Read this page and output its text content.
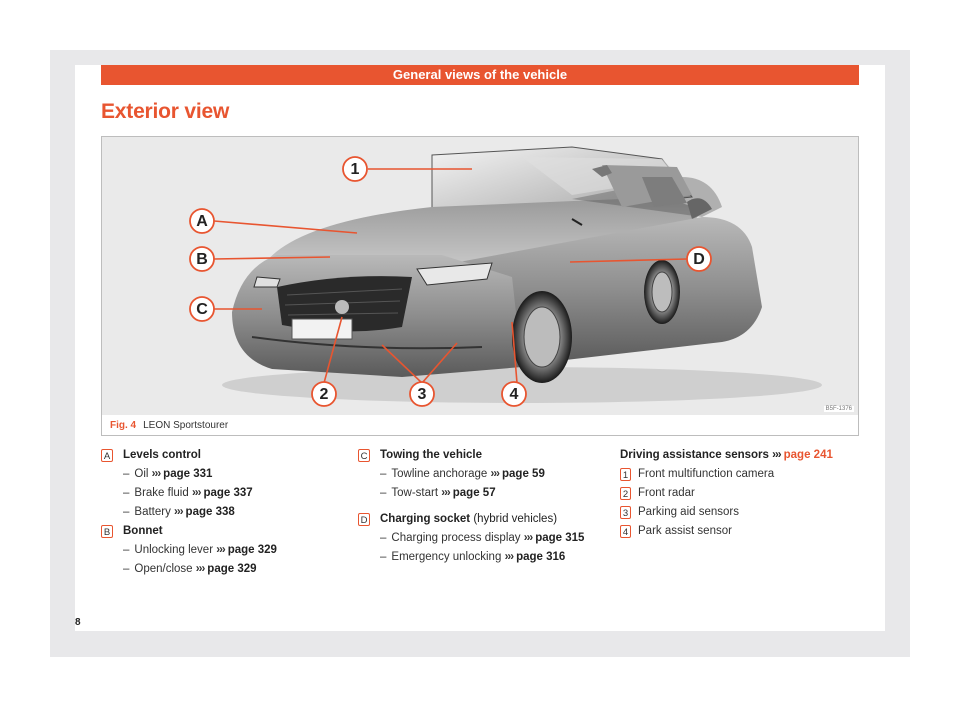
General views of the vehicle
Exterior view
1
A
B
C
D
2	3	4
B5F-1376
Fig. 4 LEON Sportstourer
A Levels control
– Oil ››› page 331
– Brake fluid ››› page 337
– Battery ››› page 338
B Bonnet
– Unlocking lever ››› page 329
– Open/close ››› page 329
C Towing the vehicle
– Towline anchorage ››› page 59
– Tow-start ››› page 57
D Charging socket (hybrid vehicles)
– Charging process display ››› page 315
– Emergency unlocking ››› page 316
Driving assistance sensors ››› page 241
1 Front multifunction camera
2 Front radar
3 Parking aid sensors
4 Park assist sensor
8
